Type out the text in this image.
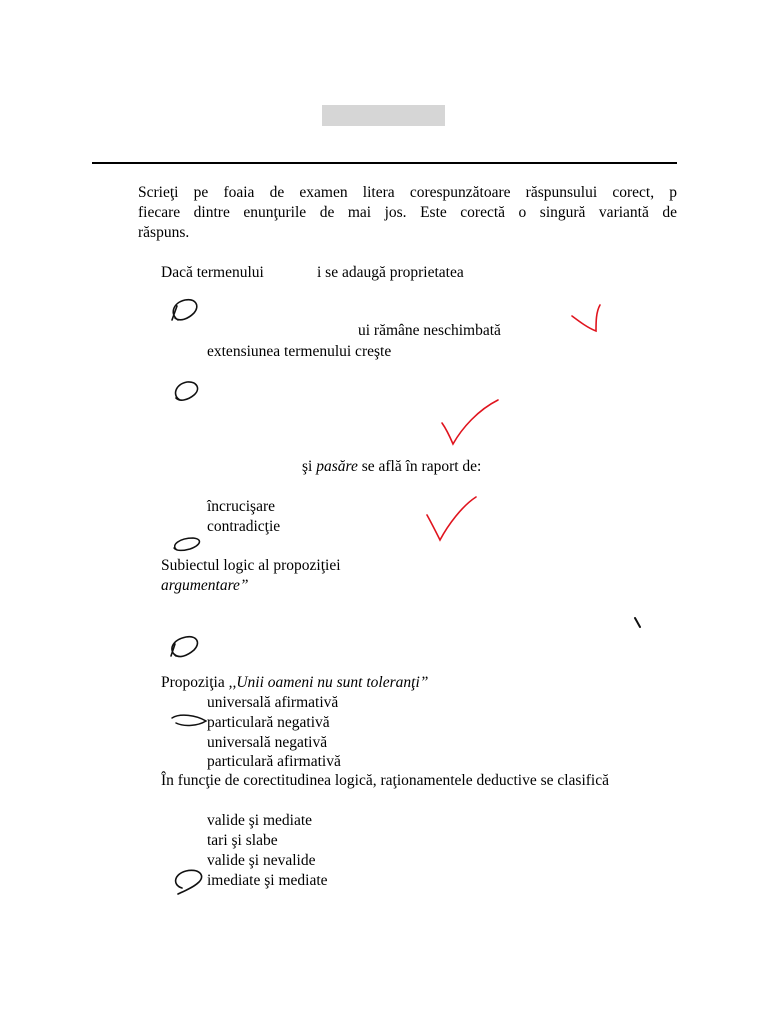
Scrieţi pe foaia de examen litera corespunzătoare răspunsului corect, p
fiecare dintre enunţurile de mai jos. Este corectă o singură variantă de
răspuns.
Dacă termenului	i se adaugă proprietatea
ui rămâne neschimbată
extensiunea termenului creşte
şi pasăre se află în raport de:
încrucişare
contradicţie
Subiectul logic al propoziţiei
argumentare”
Propoziţia ,,Unii oameni nu sunt toleranţi”
universală afirmativă
particulară negativă
universală negativă
particulară afirmativă
În funcţie de corectitudinea logică, raţionamentele deductive se clasifică
valide şi mediate
tari şi slabe
valide şi nevalide
imediate şi mediate
